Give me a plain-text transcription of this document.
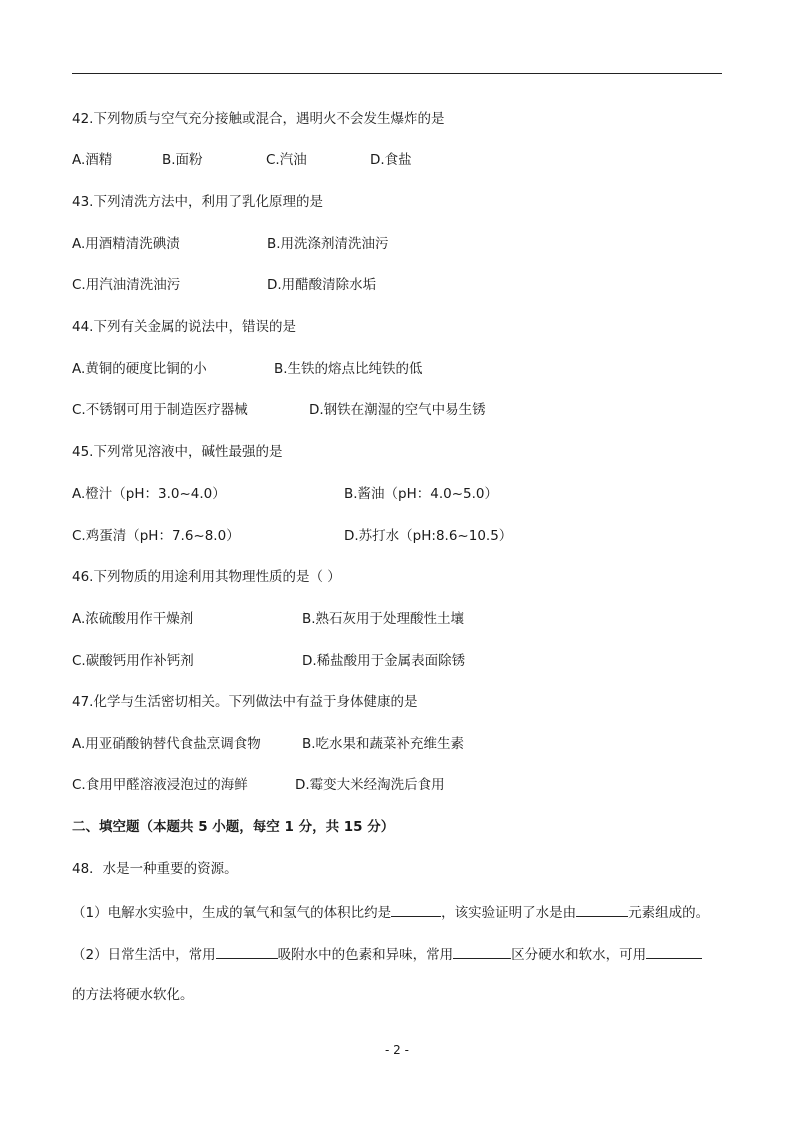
42.下列物质与空气充分接触或混合，遇明火不会发生爆炸的是
A.酒精	B.面粉	C.汽油	D.食盐
43.下列清洗方法中，利用了乳化原理的是
A.用酒精清洗碘渍	B.用洗涤剂清洗油污
C.用汽油清洗油污	D.用醋酸清除水垢
44.下列有关金属的说法中，错误的是
A.黄铜的硬度比铜的小	B.生铁的熔点比纯铁的低
C.不锈钢可用于制造医疗器械	D.钢铁在潮湿的空气中易生锈
45.下列常见溶液中，碱性最强的是
A.橙汁（pH：3.0~4.0）	B.酱油（pH：4.0~5.0）
C.鸡蛋清（pH：7.6~8.0）	D.苏打水（pH:8.6~10.5）
46.下列物质的用途利用其物理性质的是（ ）
A.浓硫酸用作干燥剂	B.熟石灰用于处理酸性土壤
C.碳酸钙用作补钙剂	D.稀盐酸用于金属表面除锈
47.化学与生活密切相关。下列做法中有益于身体健康的是
A.用亚硝酸钠替代食盐烹调食物	B.吃水果和蔬菜补充维生素
C.食用甲醛溶液浸泡过的海鲜	D.霉变大米经淘洗后食用
二、填空题（本题共 5 小题，每空 1 分，共 15 分）
48．水是一种重要的资源。
（1）电解水实验中，生成的氧气和氢气的体积比约是	，该实验证明了水是由	元素组成的。
（2）日常生活中，常用	吸附水中的色素和异味，常用	区分硬水和软水，可用
的方法将硬水软化。
- 2 -
